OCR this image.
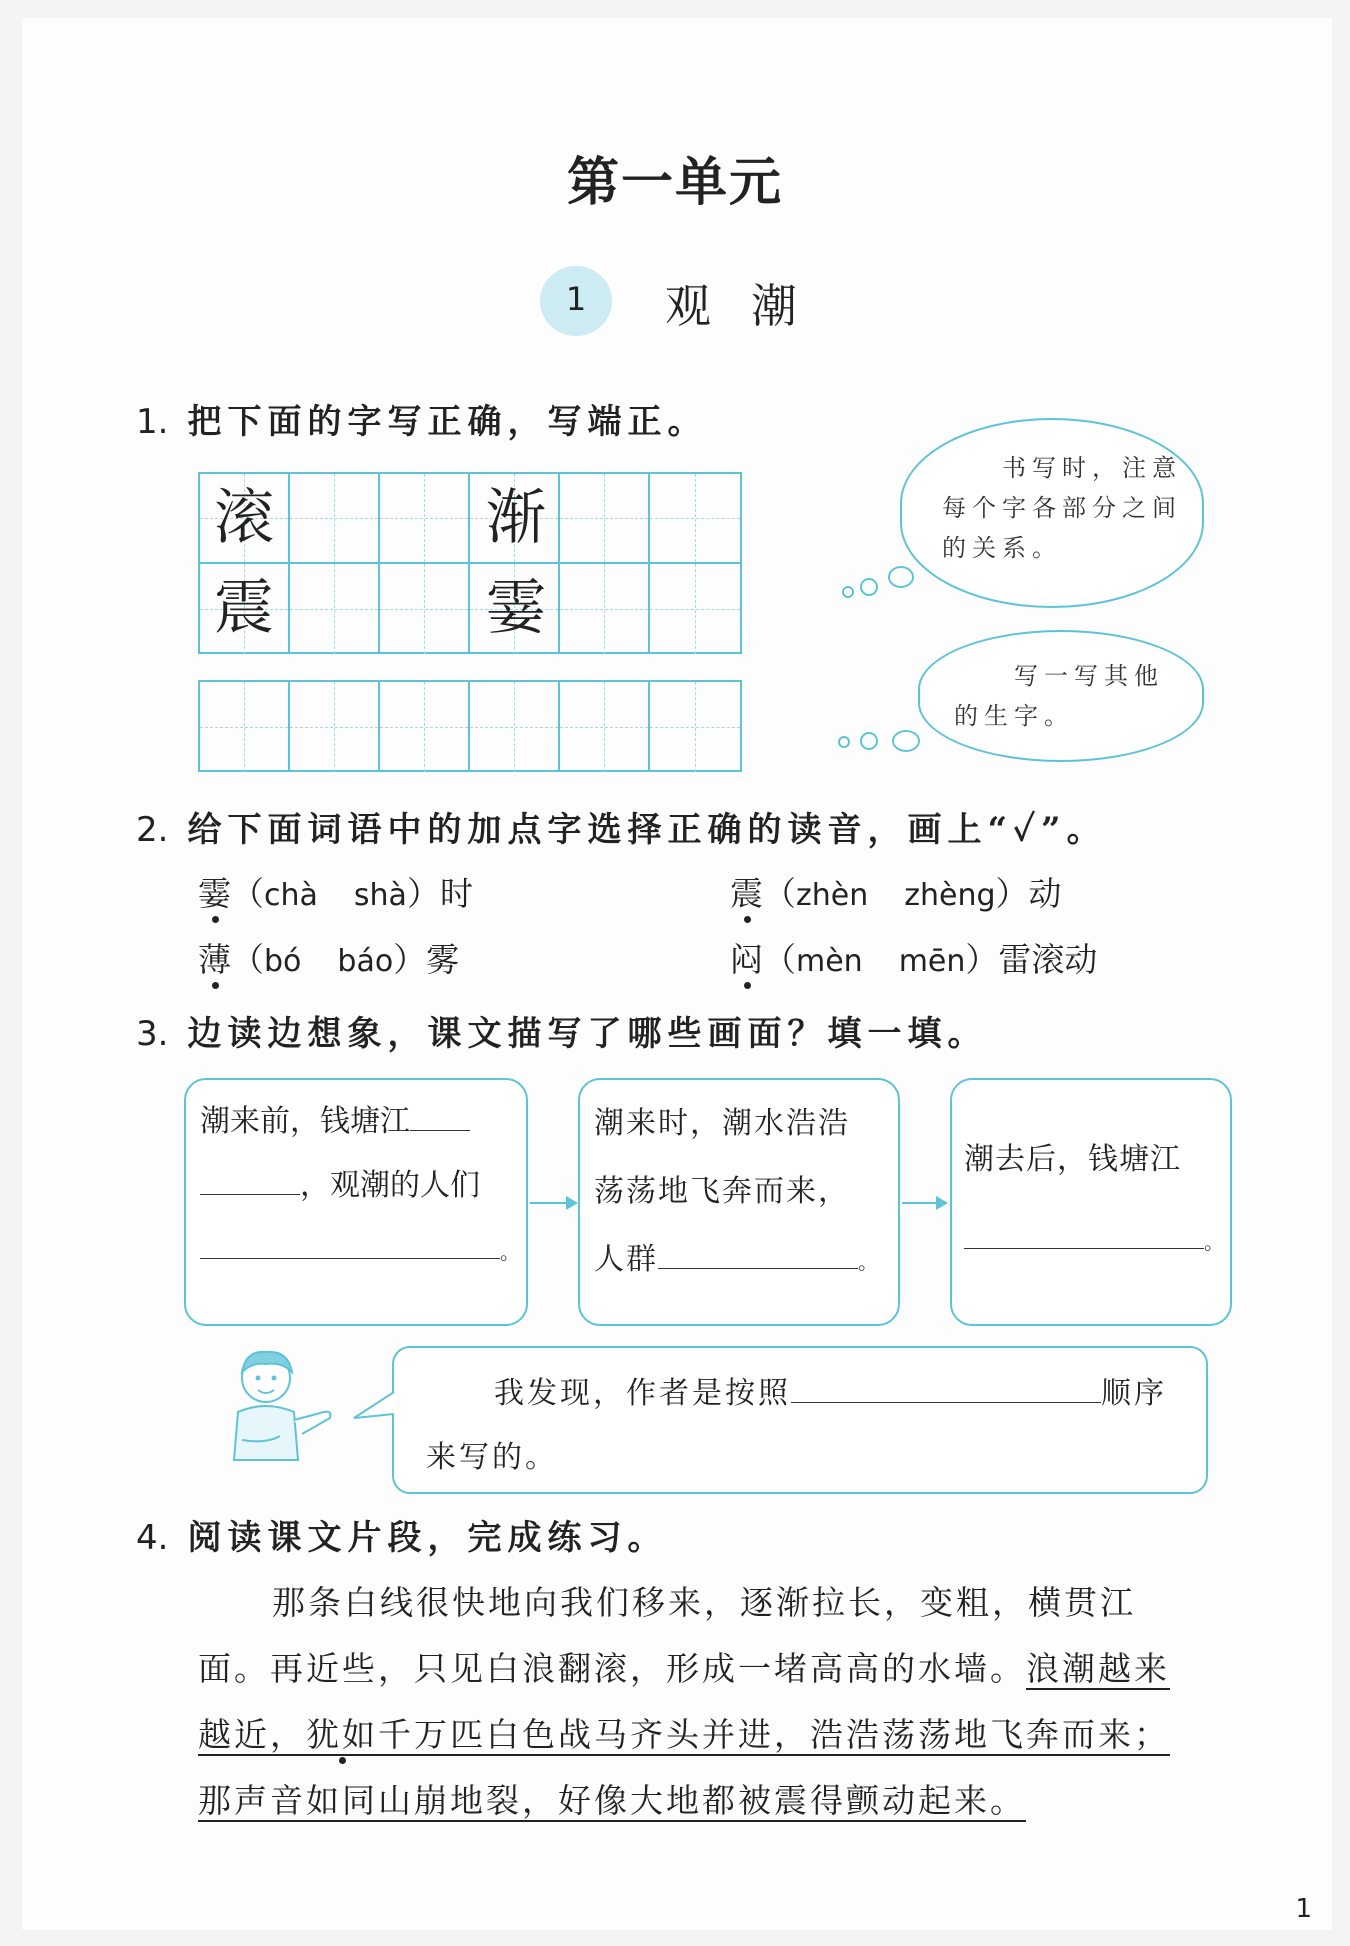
第一单元
1	观潮
1. 把下面的字写正确，写端正。
滚	渐
震	霎
书写时，注意每个字各部分之间的关系。
写一写其他的生字。
2. 给下面词语中的加点字选择正确的读音，画上“✓”。
霎（chà shà）时	震（zhèn zhèng）动
薄（bó báo）雾	闷（mèn mēn）雷滚动
3. 边读边想象，课文描写了哪些画面？填一填。
潮来前，钱塘江
，观潮的人们
。
潮来时，潮水浩浩
荡荡地飞奔而来，
人群	。
潮去后，钱塘江
。
我发现，作者是按照	顺序
来写的。
4. 阅读课文片段，完成练习。
那条白线很快地向我们移来，逐渐拉长，变粗，横贯江
面。再近些，只见白浪翻滚，形成一堵高高的水墙。浪潮越来
越近，犹如千万匹白色战马齐头并进，浩浩荡荡地飞奔而来；
那声音如同山崩地裂，好像大地都被震得颤动起来。
1
